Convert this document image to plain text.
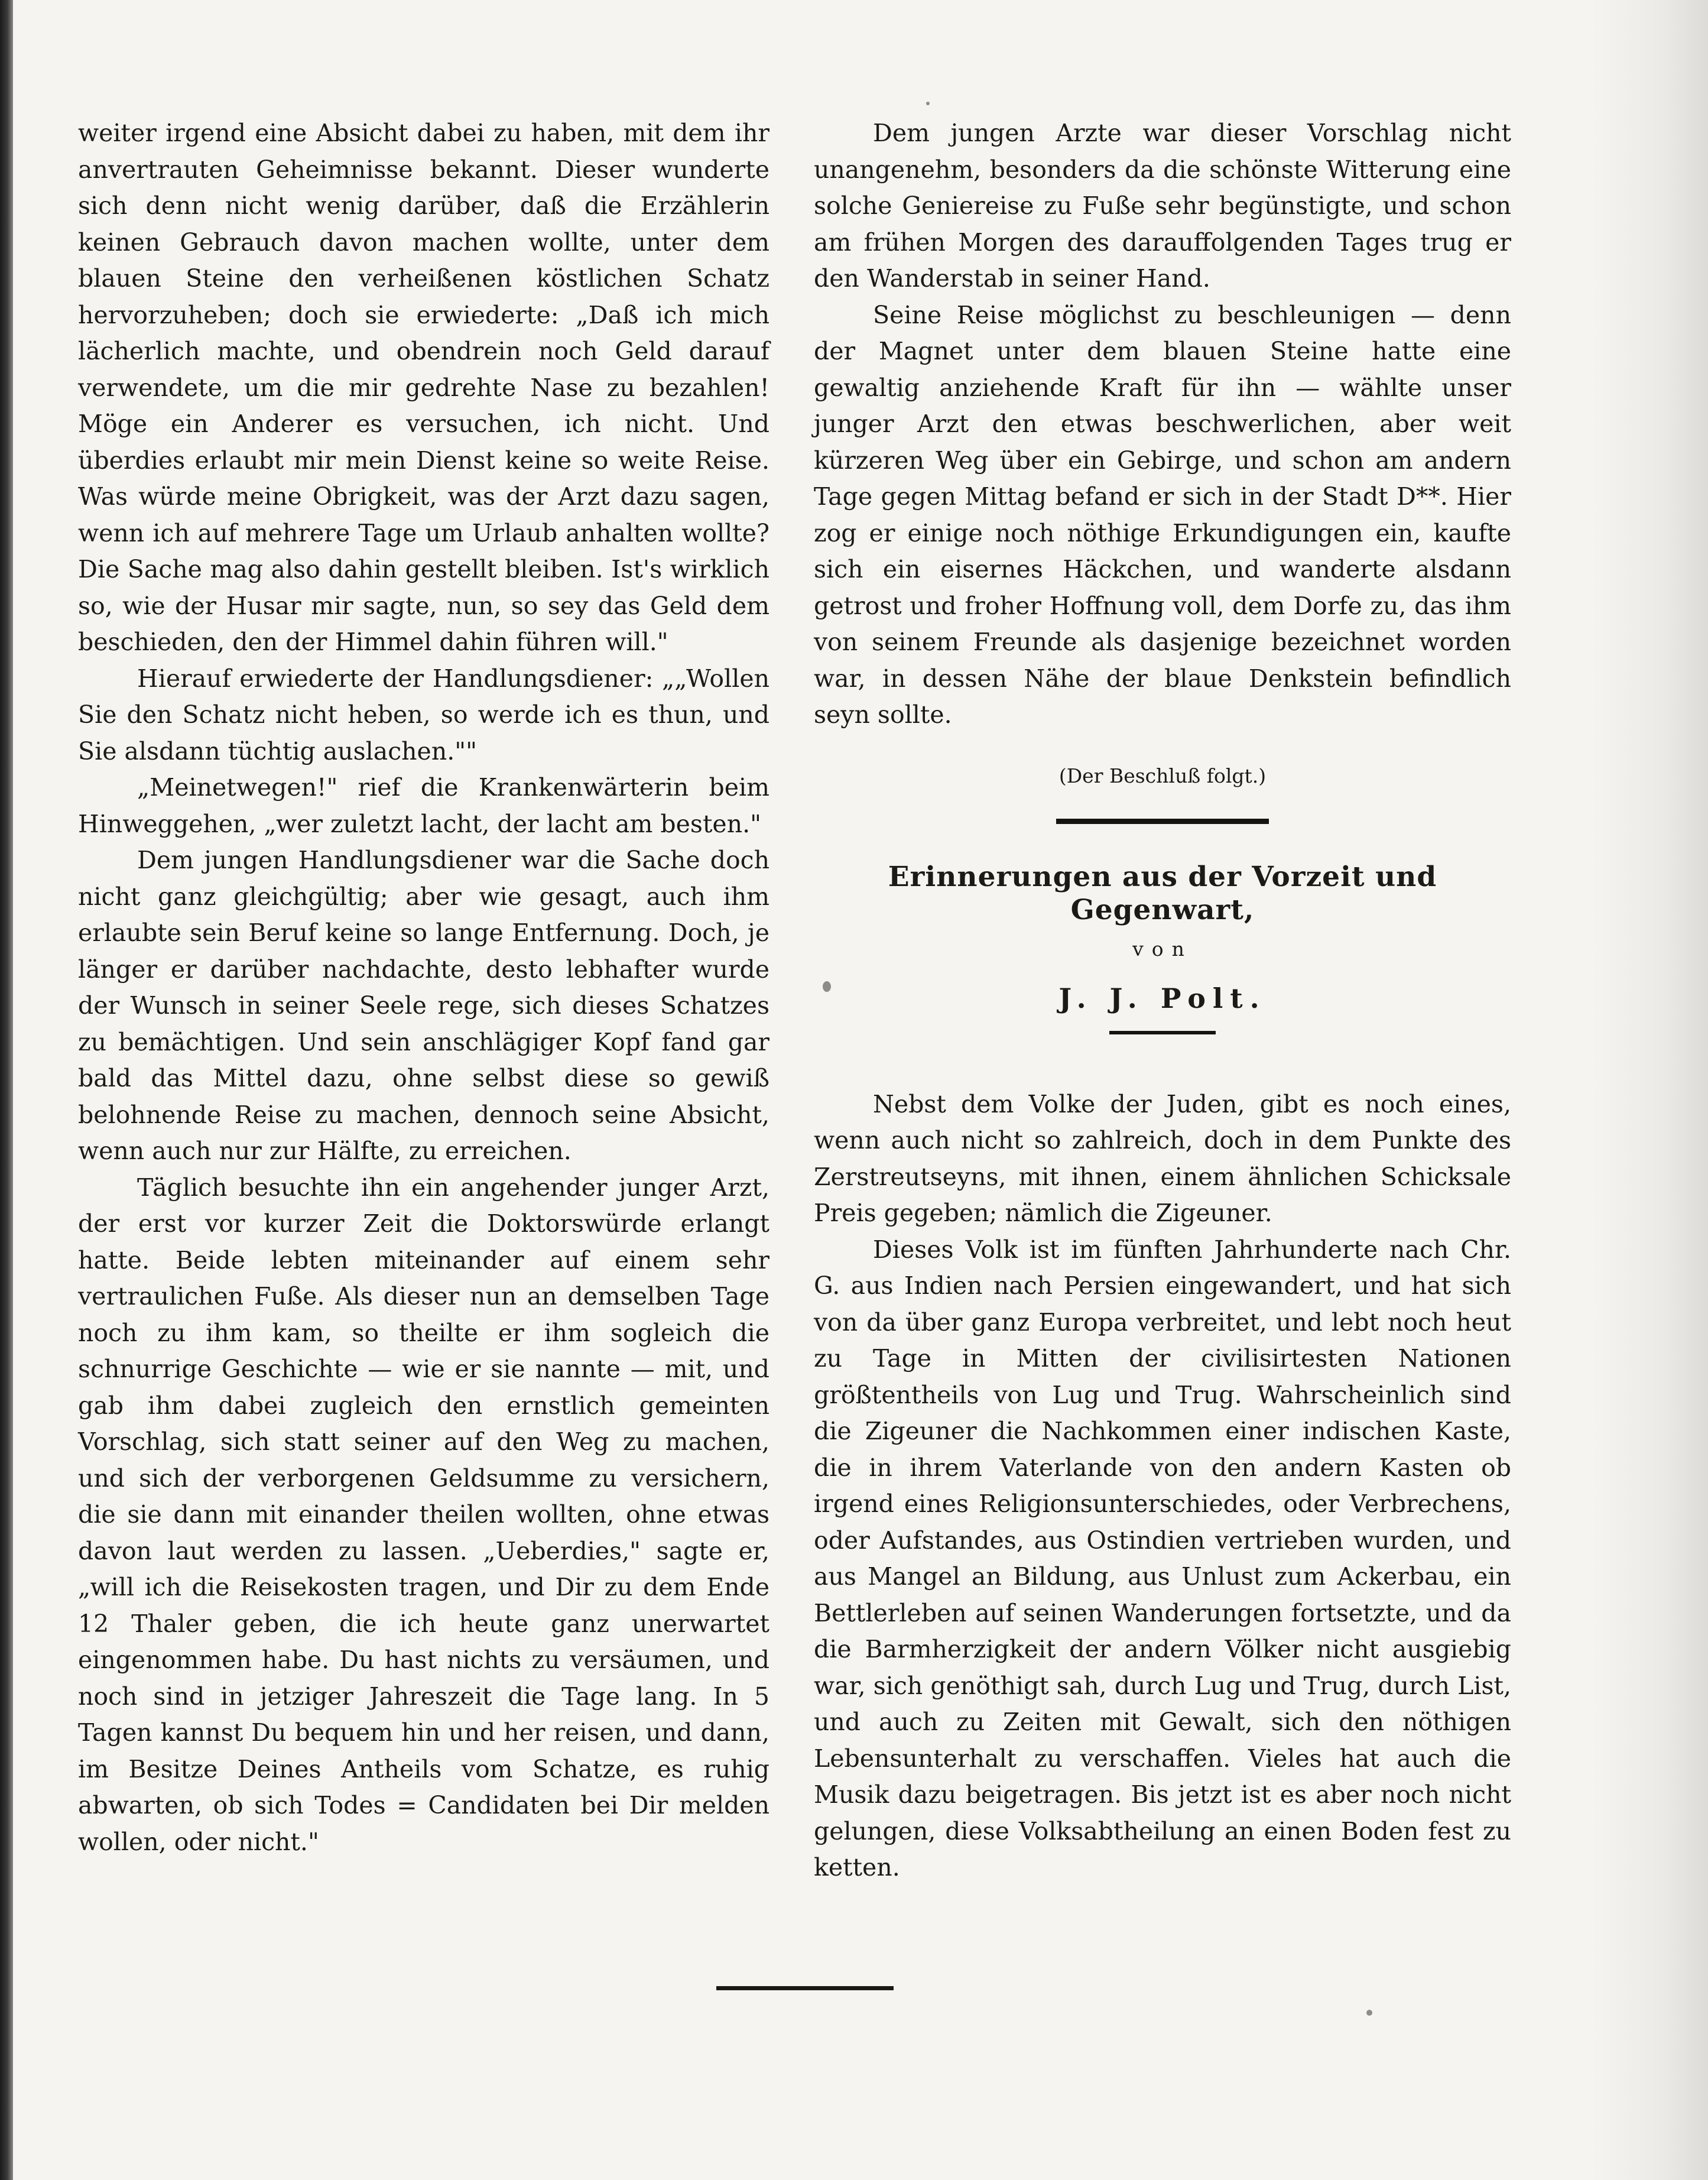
weiter irgend eine Absicht dabei zu haben, mit dem ihr anvertrauten Geheimnisse bekannt. Dieser wunderte sich denn nicht wenig darüber, daß die Erzählerin keinen Gebrauch davon machen wollte, unter dem blauen Steine den verheißenen köstlichen Schatz hervorzuheben; doch sie erwiederte: „Daß ich mich lächerlich machte, und obendrein noch Geld darauf verwendete, um die mir gedrehte Nase zu bezahlen! Möge ein Anderer es versuchen, ich nicht. Und überdies erlaubt mir mein Dienst keine so weite Reise. Was würde meine Obrigkeit, was der Arzt dazu sagen, wenn ich auf mehrere Tage um Urlaub anhalten wollte? Die Sache mag also dahin gestellt bleiben. Ist's wirklich so, wie der Husar mir sagte, nun, so sey das Geld dem beschieden, den der Himmel dahin führen will."

Hierauf erwiederte der Handlungsdiener: „„Wollen Sie den Schatz nicht heben, so werde ich es thun, und Sie alsdann tüchtig auslachen.""

„Meinetwegen!" rief die Krankenwärterin beim Hinweggehen, „wer zuletzt lacht, der lacht am besten."

Dem jungen Handlungsdiener war die Sache doch nicht ganz gleichgültig; aber wie gesagt, auch ihm erlaubte sein Beruf keine so lange Entfernung. Doch, je länger er darüber nachdachte, desto lebhafter wurde der Wunsch in seiner Seele rege, sich dieses Schatzes zu bemächtigen. Und sein anschlägiger Kopf fand gar bald das Mittel dazu, ohne selbst diese so gewiß belohnende Reise zu machen, dennoch seine Absicht, wenn auch nur zur Hälfte, zu erreichen.

Täglich besuchte ihn ein angehender junger Arzt, der erst vor kurzer Zeit die Doktorswürde erlangt hatte. Beide lebten miteinander auf einem sehr vertraulichen Fuße. Als dieser nun an demselben Tage noch zu ihm kam, so theilte er ihm sogleich die schnurrige Geschichte — wie er sie nannte — mit, und gab ihm dabei zugleich den ernstlich gemeinten Vorschlag, sich statt seiner auf den Weg zu machen, und sich der verborgenen Geldsumme zu versichern, die sie dann mit einander theilen wollten, ohne etwas davon laut werden zu lassen. „Ueberdies," sagte er, „will ich die Reisekosten tragen, und Dir zu dem Ende 12 Thaler geben, die ich heute ganz unerwartet eingenommen habe. Du hast nichts zu versäumen, und noch sind in jetziger Jahreszeit die Tage lang. In 5 Tagen kannst Du bequem hin und her reisen, und dann, im Besitze Deines Antheils vom Schatze, es ruhig abwarten, ob sich Todes = Candidaten bei Dir melden wollen, oder nicht."

Dem jungen Arzte war dieser Vorschlag nicht unangenehm, besonders da die schönste Witterung eine solche Geniereise zu Fuße sehr begünstigte, und schon am frühen Morgen des darauffolgenden Tages trug er den Wanderstab in seiner Hand.

Seine Reise möglichst zu beschleunigen — denn der Magnet unter dem blauen Steine hatte eine gewaltig anziehende Kraft für ihn — wählte unser junger Arzt den etwas beschwerlichen, aber weit kürzeren Weg über ein Gebirge, und schon am andern Tage gegen Mittag befand er sich in der Stadt D**. Hier zog er einige noch nöthige Erkundigungen ein, kaufte sich ein eisernes Häckchen, und wanderte alsdann getrost und froher Hoffnung voll, dem Dorfe zu, das ihm von seinem Freunde als dasjenige bezeichnet worden war, in dessen Nähe der blaue Denkstein befindlich seyn sollte.

(Der Beschluß folgt.)
Erinnerungen aus der Vorzeit und Gegenwart,
von
J. J. Polt.

Nebst dem Volke der Juden, gibt es noch eines, wenn auch nicht so zahlreich, doch in dem Punkte des Zerstreutseyns, mit ihnen, einem ähnlichen Schicksale Preis gegeben; nämlich die Zigeuner.

Dieses Volk ist im fünften Jahrhunderte nach Chr. G. aus Indien nach Persien eingewandert, und hat sich von da über ganz Europa verbreitet, und lebt noch heut zu Tage in Mitten der civilisirtesten Nationen größtentheils von Lug und Trug. Wahrscheinlich sind die Zigeuner die Nachkommen einer indischen Kaste, die in ihrem Vaterlande von den andern Kasten ob irgend eines Religionsunterschiedes, oder Verbrechens, oder Aufstandes, aus Ostindien vertrieben wurden, und aus Mangel an Bildung, aus Unlust zum Ackerbau, ein Bettlerleben auf seinen Wanderungen fortsetzte, und da die Barmherzigkeit der andern Völker nicht ausgiebig war, sich genöthigt sah, durch Lug und Trug, durch List, und auch zu Zeiten mit Gewalt, sich den nöthigen Lebensunterhalt zu verschaffen. Vieles hat auch die Musik dazu beigetragen. Bis jetzt ist es aber noch nicht gelungen, diese Volksabtheilung an einen Boden fest zu ketten.
